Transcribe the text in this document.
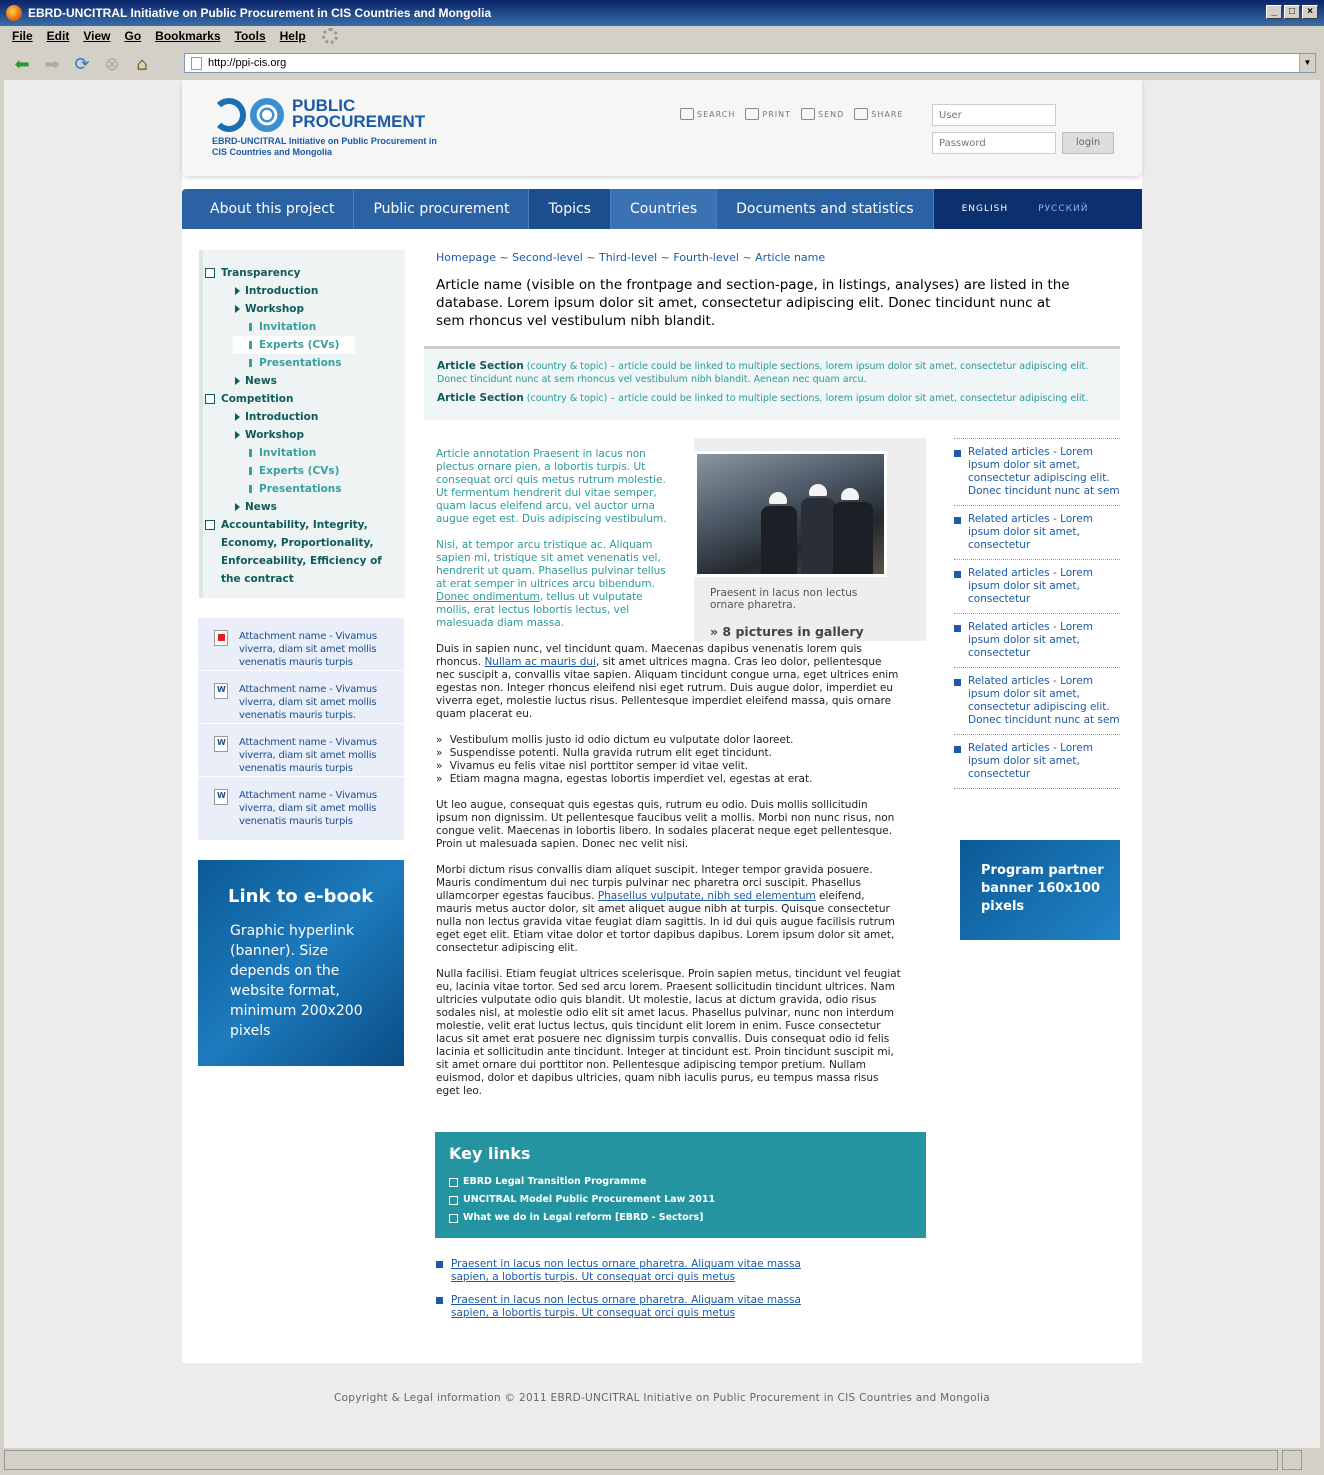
EBRD-UNCITRAL Initiative on Public Procurement in CIS Countries and Mongolia	_	□	×
File Edit View Go Bookmarks Tools Help
⬅ ➡ ⟳ ⊗ ⌂	http://ppi-cis.org	▼
PUBLIC
PROCUREMENT
EBRD-UNCITRAL Initiative on Public Procurement in CIS Countries and Mongolia
SEARCH	PRINT	SEND	SHARE
User
Password
login
About this project	Public procurement	Topics	Countries	Documents and statistics	ENGLISH	РУССКИЙ
Transparency
Introduction
Workshop
Invitation
Experts (CVs)
Presentations
News
Competition
Introduction
Workshop
Invitation
Experts (CVs)
Presentations
News
Accountability, Integrity, Economy, Proportionality, Enforceability, Efficiency of the contract
Attachment name - Vivamus viverra, diam sit amet mollis venenatis mauris turpis
W
Attachment name - Vivamus viverra, diam sit amet mollis venenatis mauris turpis.
W
Attachment name - Vivamus viverra, diam sit amet mollis venenatis mauris turpis
W
Attachment name - Vivamus viverra, diam sit amet mollis venenatis mauris turpis
Link to e-book
Graphic hyperlink (banner). Size depends on the website format, minimum 200x200 pixels
Homepage ~ Second-level ~ Third-level ~ Fourth-level ~ Article name
Article name (visible on the frontpage and section-page, in listings, analyses) are listed in the database. Lorem ipsum dolor sit amet, consectetur adipiscing elit. Donec tincidunt nunc at sem rhoncus vel vestibulum nibh blandit.

Article Section (country & topic) – article could be linked to multiple sections, lorem ipsum dolor sit amet, consectetur adipiscing elit. Donec tincidunt nunc at sem rhoncus vel vestibulum nibh blandit. Aenean nec quam arcu.

Article Section (country & topic) – article could be linked to multiple sections, lorem ipsum dolor sit amet, consectetur adipiscing elit.

Article annotation Praesent in lacus non plectus ornare pien, a lobortis turpis. Ut consequat orci quis metus rutrum molestie. Ut fermentum hendrerit dui vitae semper, quam lacus eleifend arcu, vel auctor urna augue eget est. Duis adipiscing vestibulum.

Nisi, at tempor arcu tristique ac. Aliquam sapien mi, tristique sit amet venenatis vel, hendrerit ut quam. Phasellus pulvinar tellus at erat semper in ultrices arcu bibendum. Donec ondimentum, tellus ut vulputate mollis, erat lectus lobortis lectus, vel malesuada diam massa.

Duis in sapien nunc, vel tincidunt quam. Maecenas dapibus venenatis lorem quis rhoncus. Nullam ac mauris dui, sit amet ultrices magna. Cras leo dolor, pellentesque nec suscipit a, convallis vitae sapien. Aliquam tincidunt congue urna, eget ultrices enim egestas non. Integer rhoncus eleifend nisi eget rutrum. Duis augue dolor, imperdiet eu viverra eget, molestie luctus risus. Pellentesque imperdiet eleifend massa, quis ornare quam placerat eu.

» Vestibulum mollis justo id odio dictum eu vulputate dolor laoreet.
» Suspendisse potenti. Nulla gravida rutrum elit eget tincidunt.
» Vivamus eu felis vitae nisl porttitor semper id vitae velit.
» Etiam magna magna, egestas lobortis imperdiet vel, egestas at erat.

Ut leo augue, consequat quis egestas quis, rutrum eu odio. Duis mollis sollicitudin ipsum non dignissim. Ut pellentesque faucibus velit a mollis. Morbi non nunc risus, non congue velit. Maecenas in lobortis libero. In sodales placerat neque eget pellentesque. Proin ut malesuada sapien. Donec nec velit nisi.

Morbi dictum risus convallis diam aliquet suscipit. Integer tempor gravida posuere. Mauris condimentum dui nec turpis pulvinar nec pharetra orci suscipit. Phasellus ullamcorper egestas faucibus. Phasellus vulputate, nibh sed elementum eleifend, mauris metus auctor dolor, sit amet aliquet augue nibh at turpis. Quisque consectetur nulla non lectus gravida vitae feugiat diam sagittis. In id dui quis augue facilisis rutrum eget eget elit. Etiam vitae dolor et tortor dapibus dapibus. Lorem ipsum dolor sit amet, consectetur adipiscing elit.

Nulla facilisi. Etiam feugiat ultrices scelerisque. Proin sapien metus, tincidunt vel feugiat eu, lacinia vitae tortor. Sed sed arcu lorem. Praesent sollicitudin tincidunt ultrices. Nam ultricies vulputate odio quis blandit. Ut molestie, lacus at dictum gravida, odio risus sodales nisl, at molestie odio elit sit amet lacus. Phasellus pulvinar, nunc non interdum molestie, velit erat luctus lectus, quis tincidunt elit lorem in enim. Fusce consectetur lacus sit amet erat posuere nec dignissim turpis convallis. Duis consequat odio id felis lacinia et sollicitudin ante tincidunt. Integer at tincidunt est. Proin tincidunt suscipit mi, sit amet ornare dui porttitor non. Pellentesque adipiscing tempor pretium. Nullam euismod, dolor et dapibus ultricies, quam nibh iaculis purus, eu tempus massa risus eget leo.

Praesent in lacus non lectus ornare pharetra.
» 8 pictures in gallery
Key links
EBRD Legal Transition Programme
UNCITRAL Model Public Procurement Law 2011
What we do in Legal reform [EBRD - Sectors]
Praesent in lacus non lectus ornare pharetra. Aliquam vitae massa sapien, a lobortis turpis. Ut consequat orci quis metus
Praesent in lacus non lectus ornare pharetra. Aliquam vitae massa sapien, a lobortis turpis. Ut consequat orci quis metus
Related articles - Lorem ipsum dolor sit amet, consectetur adipiscing elit. Donec tincidunt nunc at sem
Related articles - Lorem ipsum dolor sit amet, consectetur
Related articles - Lorem ipsum dolor sit amet, consectetur
Related articles - Lorem ipsum dolor sit amet, consectetur
Related articles - Lorem ipsum dolor sit amet, consectetur adipiscing elit. Donec tincidunt nunc at sem
Related articles - Lorem ipsum dolor sit amet, consectetur
Program partner banner 160x100 pixels
Copyright & Legal information © 2011 EBRD-UNCITRAL Initiative on Public Procurement in CIS Countries and Mongolia
